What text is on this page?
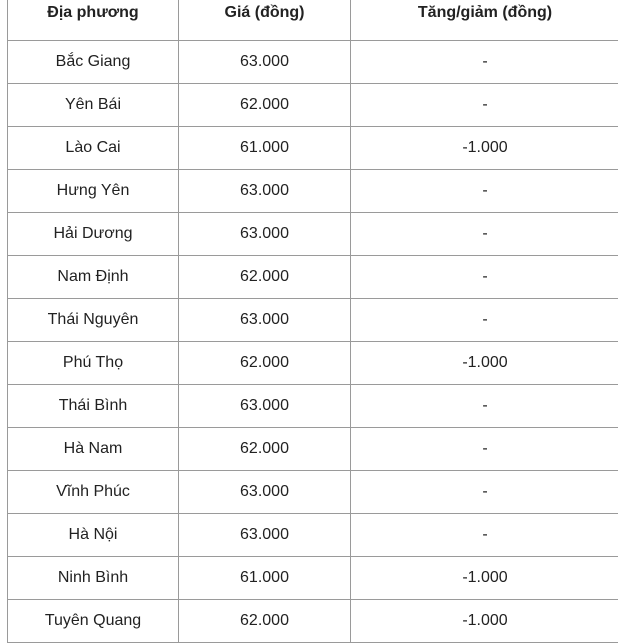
Địa phương	Giá (đồng)	Tăng/giảm (đồng)
Bắc Giang	63.000	-
Yên Bái	62.000	-
Lào Cai	61.000	-1.000
Hưng Yên	63.000	-
Hải Dương	63.000	-
Nam Định	62.000	-
Thái Nguyên	63.000	-
Phú Thọ	62.000	-1.000
Thái Bình	63.000	-
Hà Nam	62.000	-
Vĩnh Phúc	63.000	-
Hà Nội	63.000	-
Ninh Bình	61.000	-1.000
Tuyên Quang	62.000	-1.000
